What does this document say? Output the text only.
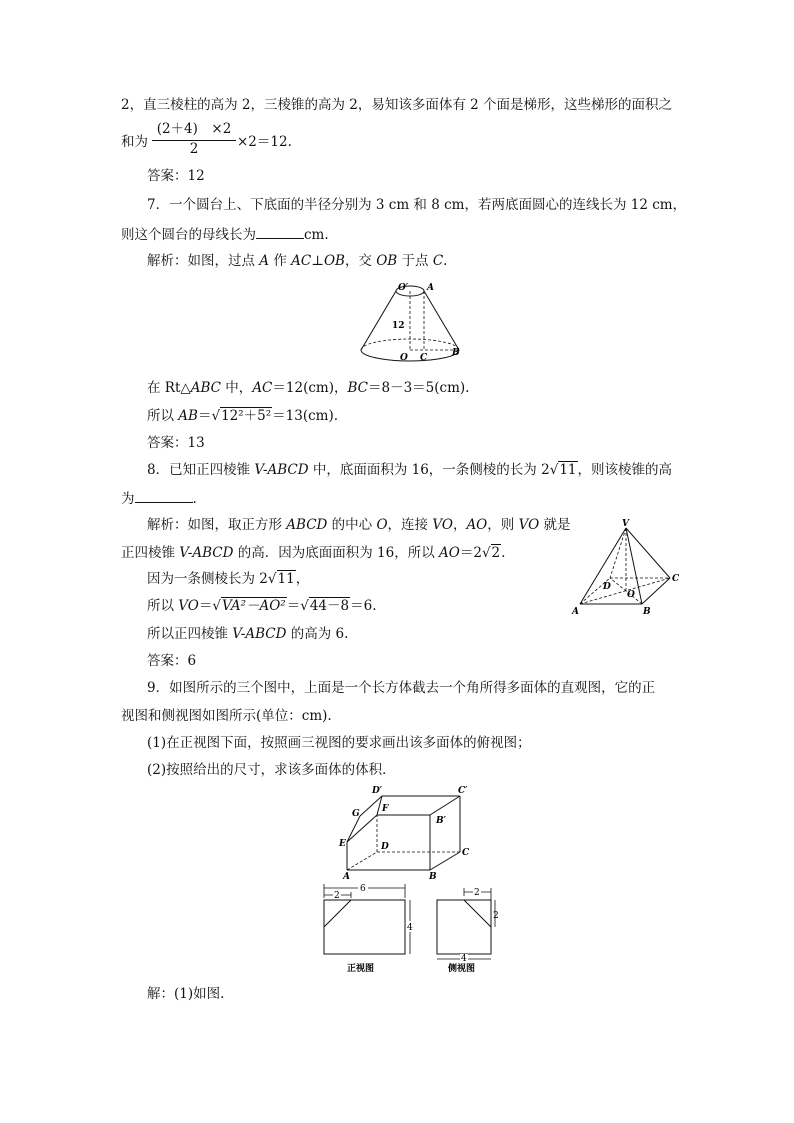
2，直三棱柱的高为 2，三棱锥的高为 2，易知该多面体有 2 个面是梯形，这些梯形的面积之
和为
(2＋4)　×2
2	×2＝12.
答案：12
7．一个圆台上、下底面的半径分别为 3 cm 和 8 cm，若两底面圆心的连线长为 12 cm，
则这个圆台的母线长为	cm.
解析：如图，过点 A 作 AC⊥OB，交 OB 于点 C.
O′ A
12
O C	B
在 Rt△ABC 中，AC＝12(cm)，BC＝8－3＝5(cm).
所以 AB＝√12²＋5²＝13(cm).
答案：13
8．已知正四棱锥 V-ABCD 中，底面面积为 16，一条侧棱的长为 2√11，则该棱锥的高
为	.
解析：如图，取正方形 ABCD 的中心 O，连接 VO，AO，则 VO 就是
正四棱锥 V-ABCD 的高．因为底面面积为 16，所以 AO＝2√2.
因为一条侧棱长为 2√11，
所以 VO＝√VA²－AO²＝√44－8＝6.
所以正四棱锥 V-ABCD 的高为 6.
答案：6
V
A	B
C
D
O
9．如图所示的三个图中，上面是一个长方体截去一个角所得多面体的直观图，它的正
视图和侧视图如图所示(单位：cm).
(1)在正视图下面，按照画三视图的要求画出该多面体的俯视图；
(2)按照给出的尺寸，求该多面体的体积．
D′	C′
G F
B′
E	D
C
A	B
6
2
4
正视图
2
2
4
侧视图
解：(1)如图.
